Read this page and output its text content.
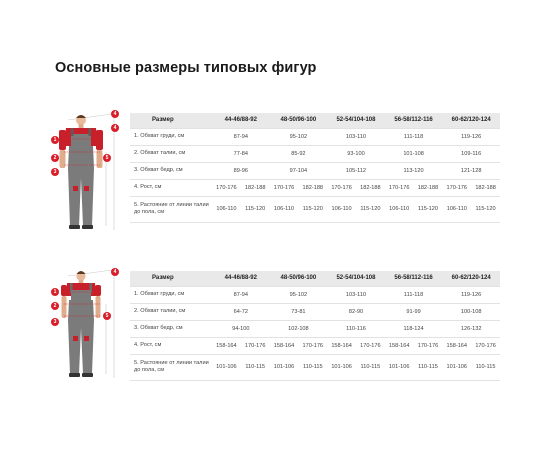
Основные размеры типовых фигур
4
4
1
2
3
5
Размер	44-46/88-92		48-50/96-100		52-54/104-108		56-58/112-116		60-62/120-124	
1. Обхват груди, см	87-94		95-102		103-110		111-118		119-126	
2. Обхват талии, см	77-84		85-92		93-100		101-108		109-116	
3. Обхват бедр, см	89-96		97-104		105-112		113-120		121-128	
4. Рост, см	170-176	182-188	170-176	182-188	170-176	182-188	170-176	182-188	170-176	182-188
5. Растояние от линии талии до пола, см	106-110	115-120	106-110	115-120	106-110	115-120	106-110	115-120	106-110	115-120
4
1
2
3
5
Размер	44-46/88-92		48-50/96-100		52-54/104-108		56-58/112-116		60-62/120-124	
1. Обхват груди, см	87-94		95-102		103-110		111-118		119-126	
2. Обхват талии, см	64-72		73-81		82-90		91-99		100-108	
3. Обхват бедр, см	94-100		102-108		110-116		118-124		126-132	
4. Рост, см	158-164	170-176	158-164	170-176	158-164	170-176	158-164	170-176	158-164	170-176
5. Растояние от линии талии до пола, см	101-106	110-115	101-106	110-115	101-106	110-115	101-106	110-115	101-106	110-115
